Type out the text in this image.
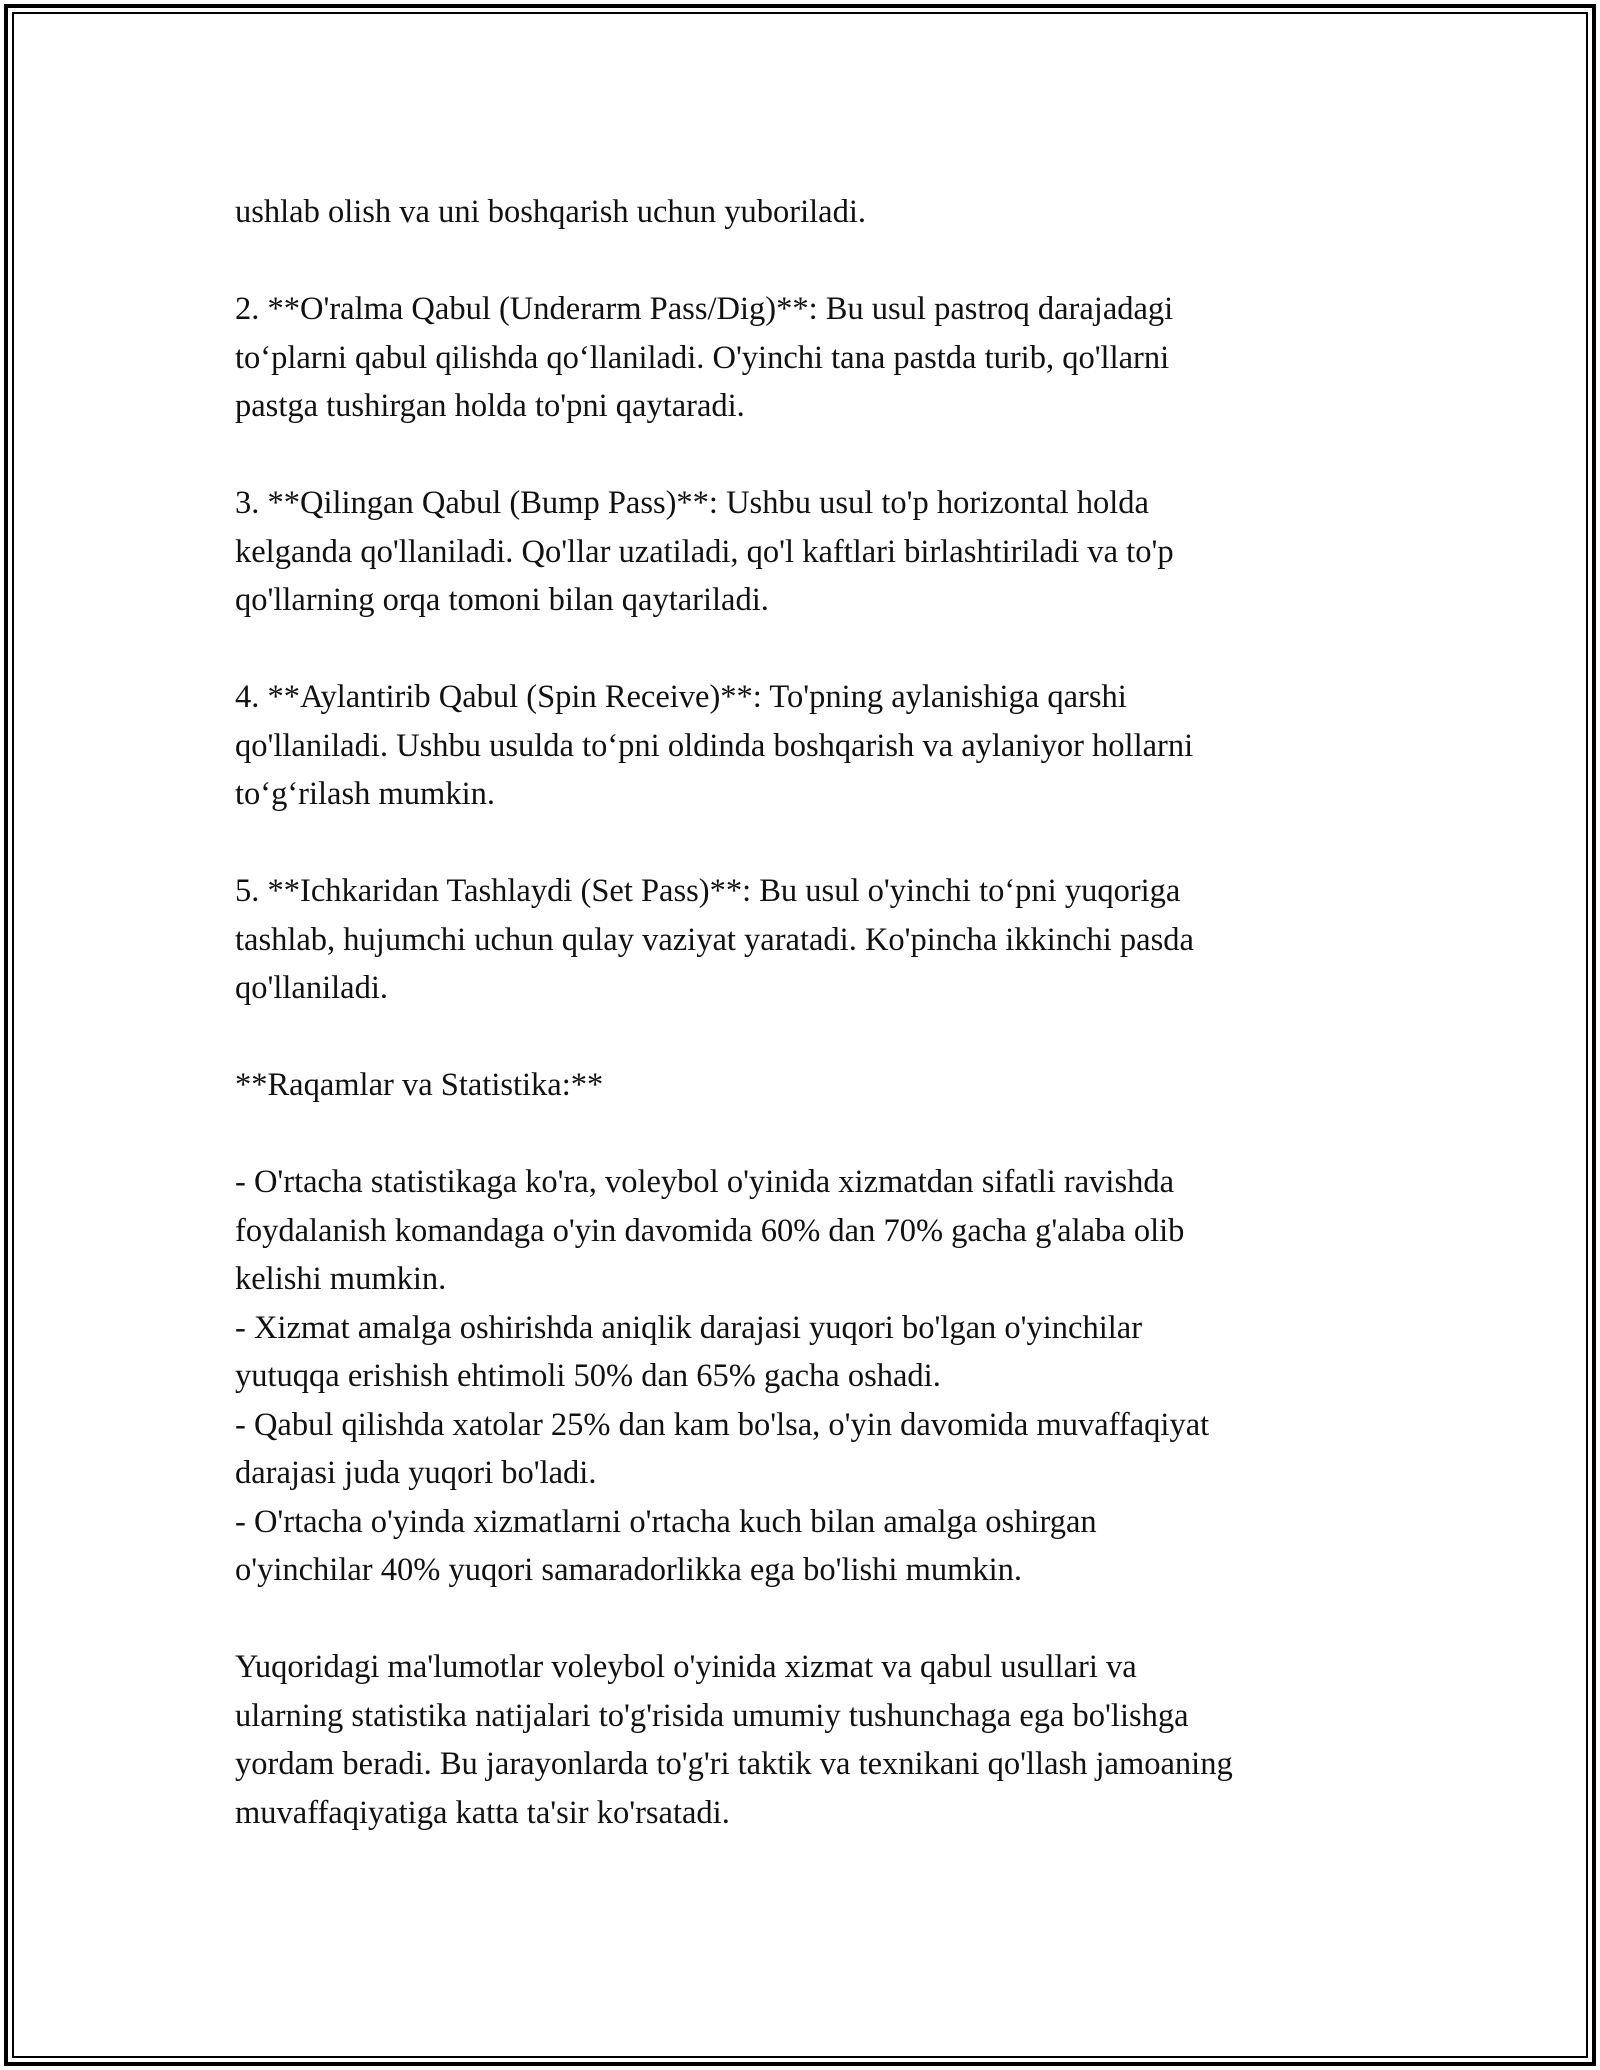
ushlab olish va uni boshqarish uchun yuboriladi.
2. **O'ralma Qabul (Underarm Pass/Dig)**: Bu usul pastroq darajadagi
to‘plarni qabul qilishda qo‘llaniladi. O'yinchi tana pastda turib, qo'llarni
pastga tushirgan holda to'pni qaytaradi.
3. **Qilingan Qabul (Bump Pass)**: Ushbu usul to'p horizontal holda
kelganda qo'llaniladi. Qo'llar uzatiladi, qo'l kaftlari birlashtiriladi va to'p
qo'llarning orqa tomoni bilan qaytariladi.
4. **Aylantirib Qabul (Spin Receive)**: To'pning aylanishiga qarshi
qo'llaniladi. Ushbu usulda to‘pni oldinda boshqarish va aylaniyor hollarni
to‘g‘rilash mumkin.
5. **Ichkaridan Tashlaydi (Set Pass)**: Bu usul o'yinchi to‘pni yuqoriga
tashlab, hujumchi uchun qulay vaziyat yaratadi. Ko'pincha ikkinchi pasda
qo'llaniladi.
**Raqamlar va Statistika:**
- O'rtacha statistikaga ko'ra, voleybol o'yinida xizmatdan sifatli ravishda
foydalanish komandaga o'yin davomida 60% dan 70% gacha g'alaba olib
kelishi mumkin.
- Xizmat amalga oshirishda aniqlik darajasi yuqori bo'lgan o'yinchilar
yutuqqa erishish ehtimoli 50% dan 65% gacha oshadi.
- Qabul qilishda xatolar 25% dan kam bo'lsa, o'yin davomida muvaffaqiyat
darajasi juda yuqori bo'ladi.
- O'rtacha o'yinda xizmatlarni o'rtacha kuch bilan amalga oshirgan
o'yinchilar 40% yuqori samaradorlikka ega bo'lishi mumkin.
Yuqoridagi ma'lumotlar voleybol o'yinida xizmat va qabul usullari va
ularning statistika natijalari to'g'risida umumiy tushunchaga ega bo'lishga
yordam beradi. Bu jarayonlarda to'g'ri taktik va texnikani qo'llash jamoaning
muvaffaqiyatiga katta ta'sir ko'rsatadi.
